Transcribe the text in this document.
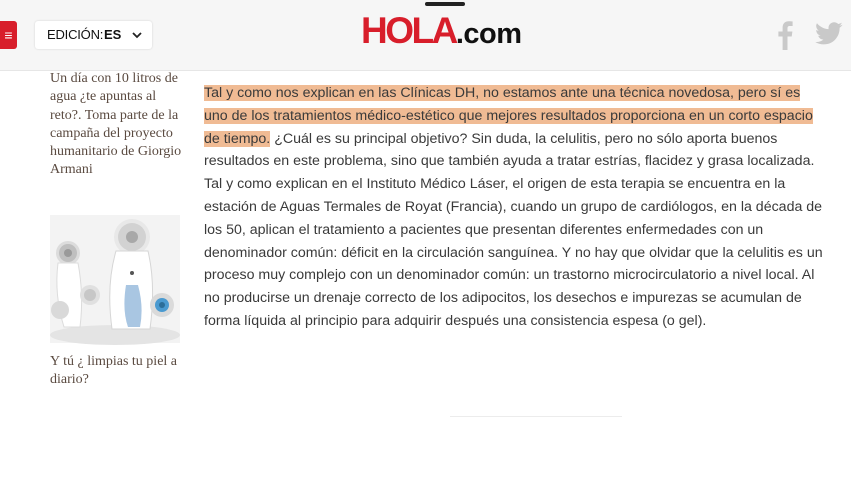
≡	EDICIÓN: ES	HOLA.com
Un día con 10 litros de agua ¿te apuntas al reto?. Toma parte de la campaña del proyecto humanitario de Giorgio Armani
Y tú ¿ limpias tu piel a diario?

Tal y como nos explican en las Clínicas DH, no estamos ante una técnica novedosa, pero sí es uno de los tratamientos médico-estético que mejores resultados proporciona en un corto espacio de tiempo. ¿Cuál es su principal objetivo? Sin duda, la celulitis, pero no sólo aporta buenos resultados en este problema, sino que también ayuda a tratar estrías, flacidez y grasa localizada. Tal y como explican en el Instituto Médico Láser, el origen de esta terapia se encuentra en la estación de Aguas Termales de Royat (Francia), cuando un grupo de cardiólogos, en la década de los 50, aplican el tratamiento a pacientes que presentan diferentes enfermedades con un denominador común: déficit en la circulación sanguínea. Y no hay que olvidar que la celulitis es un proceso muy complejo con un denominador común: un trastorno microcirculatorio a nivel local. Al no producirse un drenaje correcto de los adipocitos, los desechos e impurezas se acumulan de forma líquida al principio para adquirir después una consistencia espesa (o gel).
